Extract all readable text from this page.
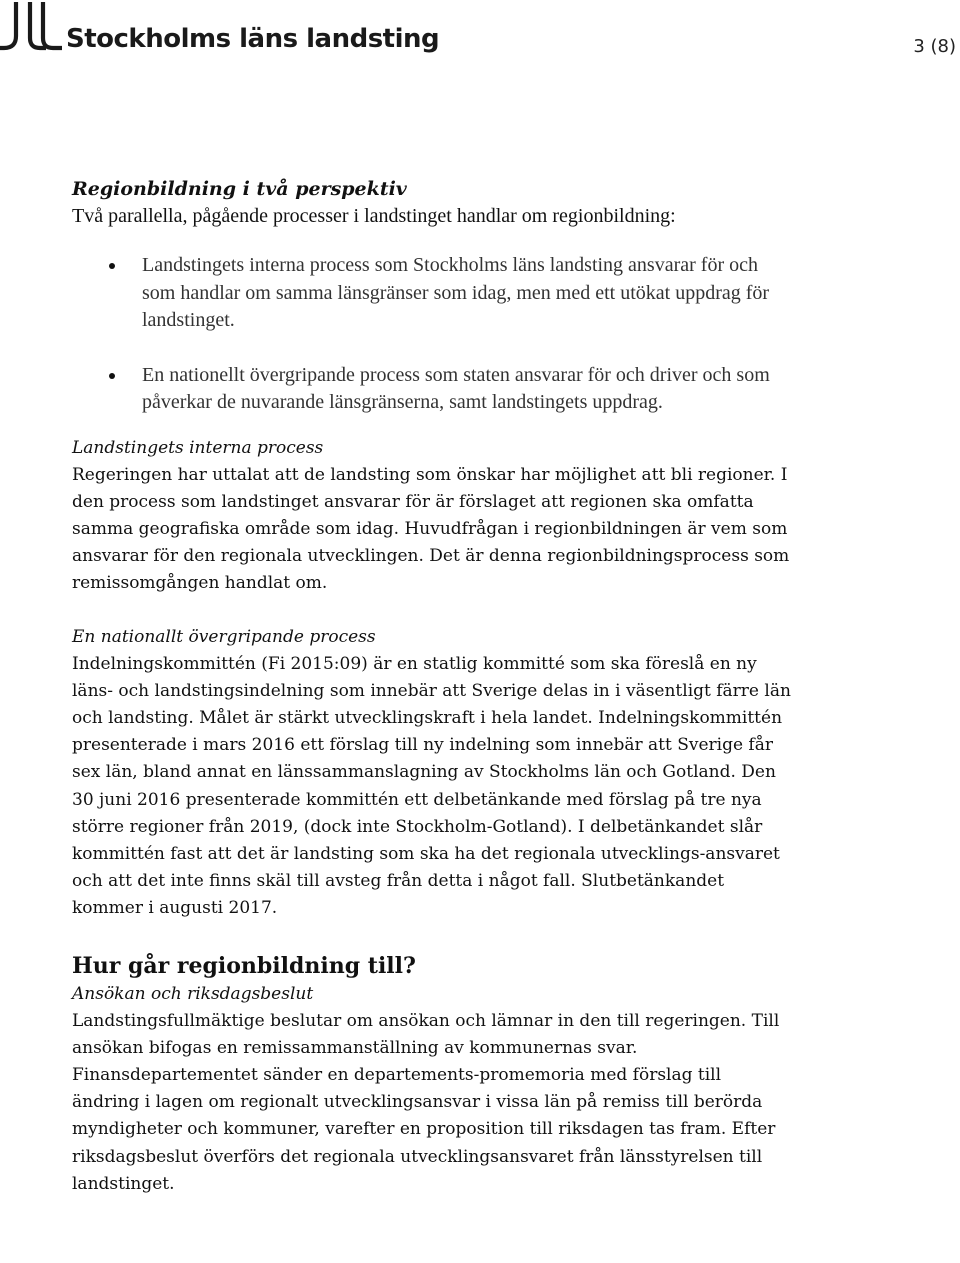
Stockholms läns landsting	3 (8)

Regionbildning i två perspektiv

Två parallella, pågående processer i landstinget handlar om regionbildning:

Landstingets interna process som Stockholms läns landsting ansvarar för och som handlar om samma länsgränser som idag, men med ett utökat uppdrag för landstinget.
En nationellt övergripande process som staten ansvarar för och driver och som påverkar de nuvarande länsgränserna, samt landstingets uppdrag.

Landstingets interna process

Regeringen har uttalat att de landsting som önskar har möjlighet att bli regioner. I den process som landstinget ansvarar för är förslaget att regionen ska omfatta samma geografiska område som idag. Huvudfrågan i regionbildningen är vem som ansvarar för den regionala utvecklingen. Det är denna regionbildningsprocess som remissomgången handlat om.

En nationallt övergripande process

Indelningskommittén (Fi 2015:09) är en statlig kommitté som ska föreslå en ny läns- och landstingsindelning som innebär att Sverige delas in i väsentligt färre län och landsting. Målet är stärkt utvecklingskraft i hela landet. Indelningskommittén presenterade i mars 2016 ett förslag till ny indelning som innebär att Sverige får sex län, bland annat en länssammanslagning av Stockholms län och Gotland. Den 30 juni 2016 presenterade kommittén ett delbetänkande med förslag på tre nya större regioner från 2019, (dock inte Stockholm-Gotland). I delbetänkandet slår kommittén fast att det är landsting som ska ha det regionala utvecklings-ansvaret och att det inte finns skäl till avsteg från detta i något fall. Slutbetänkandet kommer i augusti 2017.

Hur går regionbildning till?

Ansökan och riksdagsbeslut

Landstingsfullmäktige beslutar om ansökan och lämnar in den till regeringen. Till ansökan bifogas en remissammanställning av kommunernas svar. Finansdepartementet sänder en departements-promemoria med förslag till ändring i lagen om regionalt utvecklingsansvar i vissa län på remiss till berörda myndigheter och kommuner, varefter en proposition till riksdagen tas fram. Efter riksdagsbeslut överförs det regionala utvecklingsansvaret från länsstyrelsen till landstinget.
